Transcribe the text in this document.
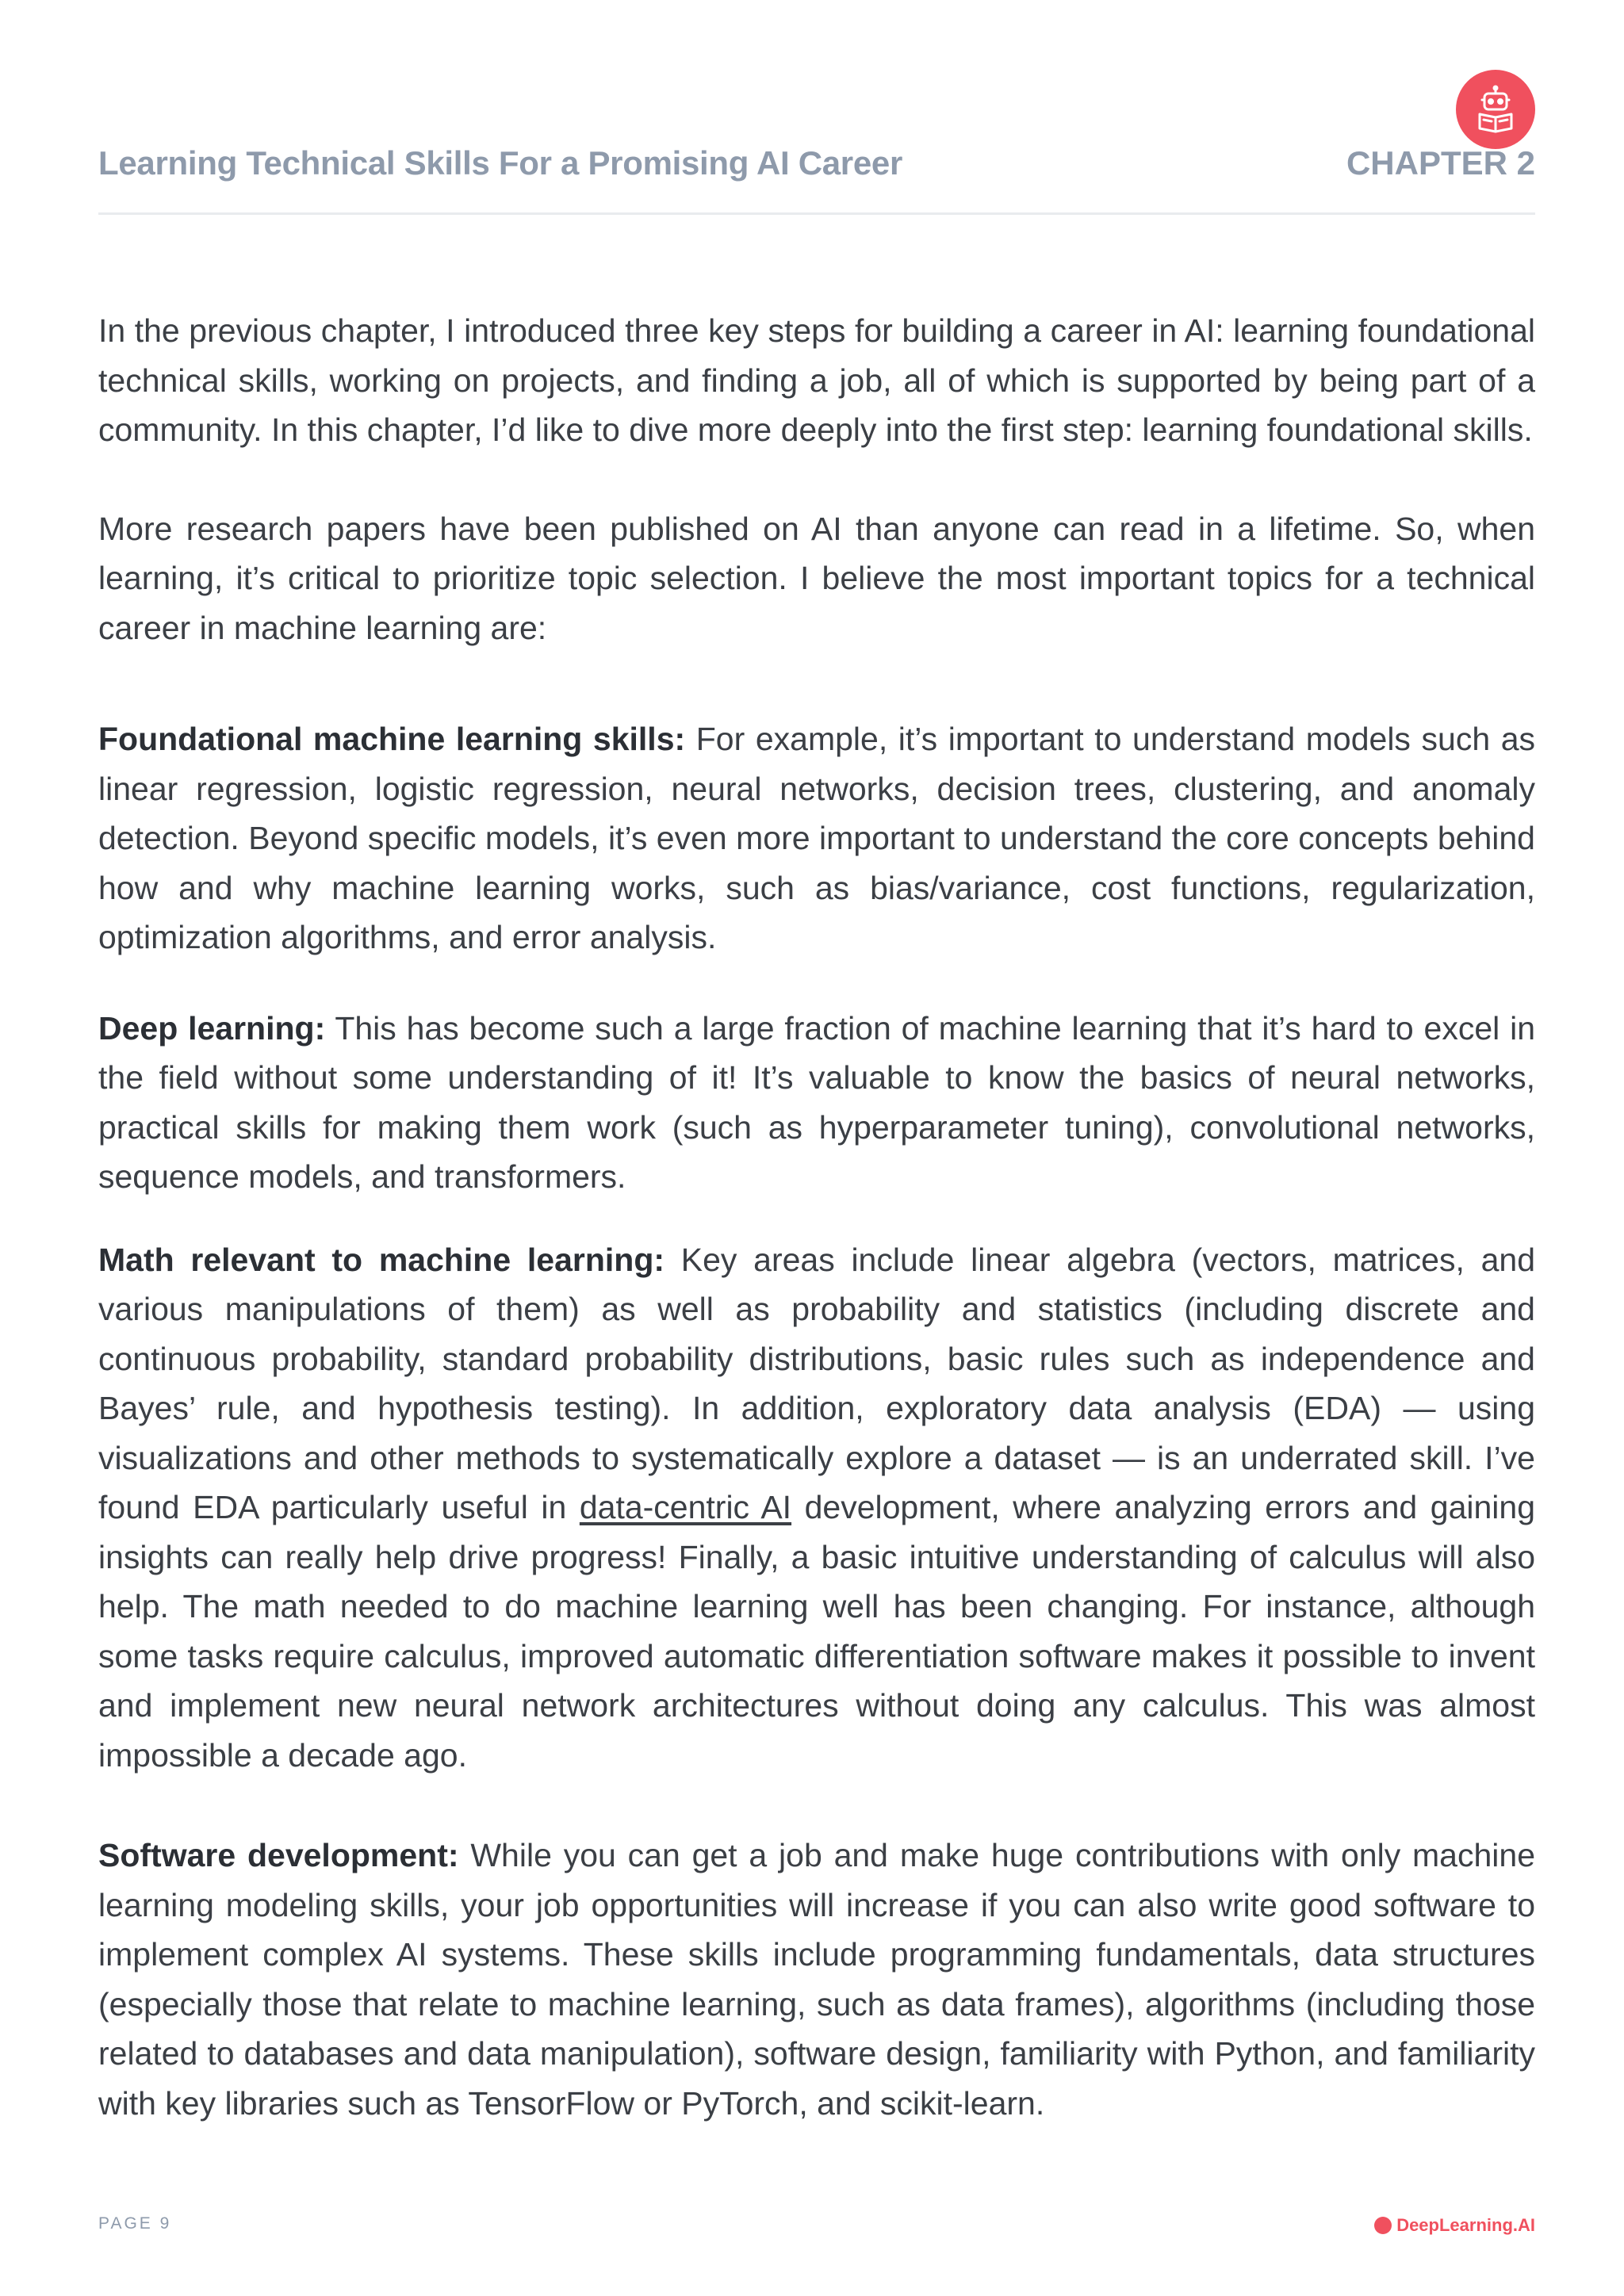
Learning Technical Skills For a Promising AI Career	CHAPTER 2

In the previous chapter, I introduced three key steps for building a career in AI: learning foundational technical skills, working on projects, and finding a job, all of which is supported by being part of a community. In this chapter, I’d like to dive more deeply into the first step: learning foundational skills.

More research papers have been published on AI than anyone can read in a lifetime. So, when learning, it’s critical to prioritize topic selection. I believe the most important topics for a technical career in machine learning are:

Foundational machine learning skills: For example, it’s important to understand models such as linear regression, logistic regression, neural networks, decision trees, clustering, and anomaly detection. Beyond specific models, it’s even more important to understand the core concepts behind how and why machine learning works, such as bias/variance, cost functions, regularization, optimization algorithms, and error analysis.

Deep learning: This has become such a large fraction of machine learning that it’s hard to excel in the field without some understanding of it! It’s valuable to know the basics of neural networks, practical skills for making them work (such as hyperparameter tuning), convolutional networks, sequence models, and transformers.

Math relevant to machine learning: Key areas include linear algebra (vectors, matrices, and various manipulations of them) as well as probability and statistics (including discrete and continuous probability, standard probability distributions, basic rules such as independence and Bayes’ rule, and hypothesis testing). In addition, exploratory data analysis (EDA) — using visualizations and other methods to systematically explore a dataset — is an underrated skill. I’ve found EDA particularly useful in data-centric AI development, where analyzing errors and gaining insights can really help drive progress! Finally, a basic intuitive understanding of calculus will also help. The math needed to do machine learning well has been changing. For instance, although some tasks require calculus, improved automatic differentiation software makes it possible to invent and implement new neural network architectures without doing any calculus. This was almost impossible a decade ago.

Software development: While you can get a job and make huge contributions with only machine learning modeling skills, your job opportunities will increase if you can also write good software to implement complex AI systems. These skills include programming fundamentals, data structures (especially those that relate to machine learning, such as data frames), algorithms (including those related to databases and data manipulation), software design, familiarity with Python, and familiarity with key libraries such as TensorFlow or PyTorch, and scikit-learn.

PAGE 9	DeepLearning.AI
